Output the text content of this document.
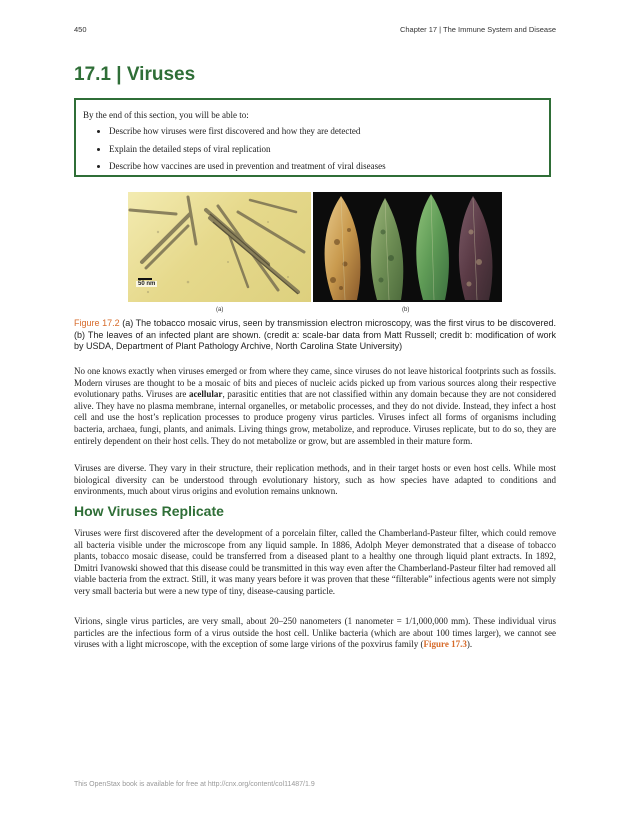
450	Chapter 17 | The Immune System and Disease
17.1 | Viruses
By the end of this section, you will be able to:
• Describe how viruses were first discovered and how they are detected
• Explain the detailed steps of viral replication
• Describe how vaccines are used in prevention and treatment of viral diseases
50 nm
(a)	(b)

Figure 17.2 (a) The tobacco mosaic virus, seen by transmission electron microscopy, was the first virus to be discovered. (b) The leaves of an infected plant are shown. (credit a: scale-bar data from Matt Russell; credit b: modification of work by USDA, Department of Plant Pathology Archive, North Carolina State University)

No one knows exactly when viruses emerged or from where they came, since viruses do not leave historical footprints such as fossils. Modern viruses are thought to be a mosaic of bits and pieces of nucleic acids picked up from various sources along their respective evolutionary paths. Viruses are acellular, parasitic entities that are not classified within any domain because they are not considered alive. They have no plasma membrane, internal organelles, or metabolic processes, and they do not divide. Instead, they infect a host cell and use the host’s replication processes to produce progeny virus particles. Viruses infect all forms of organisms including bacteria, archaea, fungi, plants, and animals. Living things grow, metabolize, and reproduce. Viruses replicate, but to do so, they are entirely dependent on their host cells. They do not metabolize or grow, but are assembled in their mature form.

Viruses are diverse. They vary in their structure, their replication methods, and in their target hosts or even host cells. While most biological diversity can be understood through evolutionary history, such as how species have adapted to conditions and environments, much about virus origins and evolution remains unknown.

How Viruses Replicate

Viruses were first discovered after the development of a porcelain filter, called the Chamberland-Pasteur filter, which could remove all bacteria visible under the microscope from any liquid sample. In 1886, Adolph Meyer demonstrated that a disease of tobacco plants, tobacco mosaic disease, could be transferred from a diseased plant to a healthy one through liquid plant extracts. In 1892, Dmitri Ivanowski showed that this disease could be transmitted in this way even after the Chamberland-Pasteur filter had removed all viable bacteria from the extract. Still, it was many years before it was proven that these “filterable” infectious agents were not simply very small bacteria but were a new type of tiny, disease-causing particle.

Virions, single virus particles, are very small, about 20–250 nanometers (1 nanometer = 1/1,000,000 mm). These individual virus particles are the infectious form of a virus outside the host cell. Unlike bacteria (which are about 100 times larger), we cannot see viruses with a light microscope, with the exception of some large virions of the poxvirus family (Figure 17.3).

This OpenStax book is available for free at http://cnx.org/content/col11487/1.9
